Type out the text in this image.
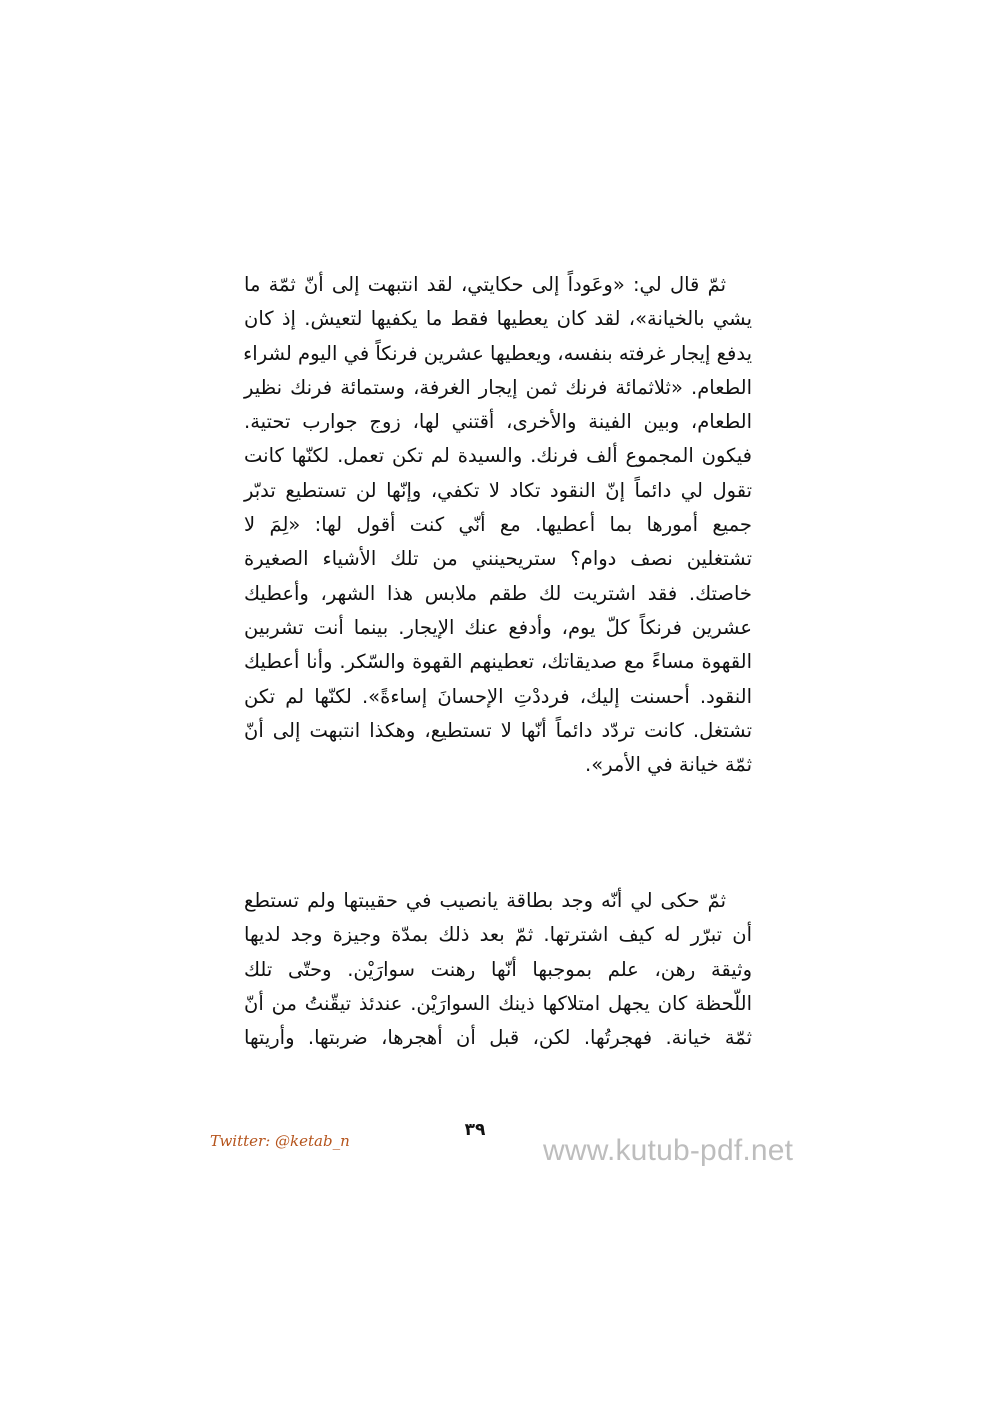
ثمّ قال لي: «وعَوداً إلى حكايتي، لقد انتبهت إلى أنّ ثمّة ما
يشي بالخيانة»، لقد كان يعطيها فقط ما يكفيها لتعيش. إذ كان
يدفع إيجار غرفته بنفسه، ويعطيها عشرين فرنكاً في اليوم لشراء
الطعام. «ثلاثمائة فرنك ثمن إيجار الغرفة، وستمائة فرنك نظير
الطعام، وبين الفينة والأخرى، أقتني لها، زوج جوارب تحتية.
فيكون المجموع ألف فرنك. والسيدة لم تكن تعمل. لكنّها كانت
تقول لي دائماً إنّ النقود تكاد لا تكفي، وإنّها لن تستطيع تدبّر
جميع أمورها بما أعطيها. مع أنّي كنت أقول لها: «لِمَ لا
تشتغلين نصف دوام؟ ستريحينني من تلك الأشياء الصغيرة
خاصتك. فقد اشتريت لك طقم ملابس هذا الشهر، وأعطيك
عشرين فرنكاً كلّ يوم، وأدفع عنك الإيجار. بينما أنت تشربين
القهوة مساءً مع صديقاتك، تعطينهم القهوة والسّكر. وأنا أعطيك
النقود. أحسنت إليك، فرددْتِ الإحسانَ إساءةً». لكنّها لم تكن
تشتغل. كانت تردّد دائماً أنّها لا تستطيع، وهكذا انتبهت إلى أنّ
ثمّة خيانة في الأمر».
ثمّ حكى لي أنّه وجد بطاقة يانصيب في حقيبتها ولم تستطع
أن تبرّر له كيف اشترتها. ثمّ بعد ذلك بمدّة وجيزة وجد لديها
وثيقة رهن، علم بموجبها أنّها رهنت سوارَيْن. وحتّى تلك
اللّحظة كان يجهل امتلاكها ذينك السوارَيْن. عندئذ تيقّنتُ من أنّ
ثمّة خيانة. فهجرتُها. لكن، قبل أن أهجرها، ضربتها. وأريتها
٣٩
Twitter: @ketab_n	www.kutub-pdf.net
